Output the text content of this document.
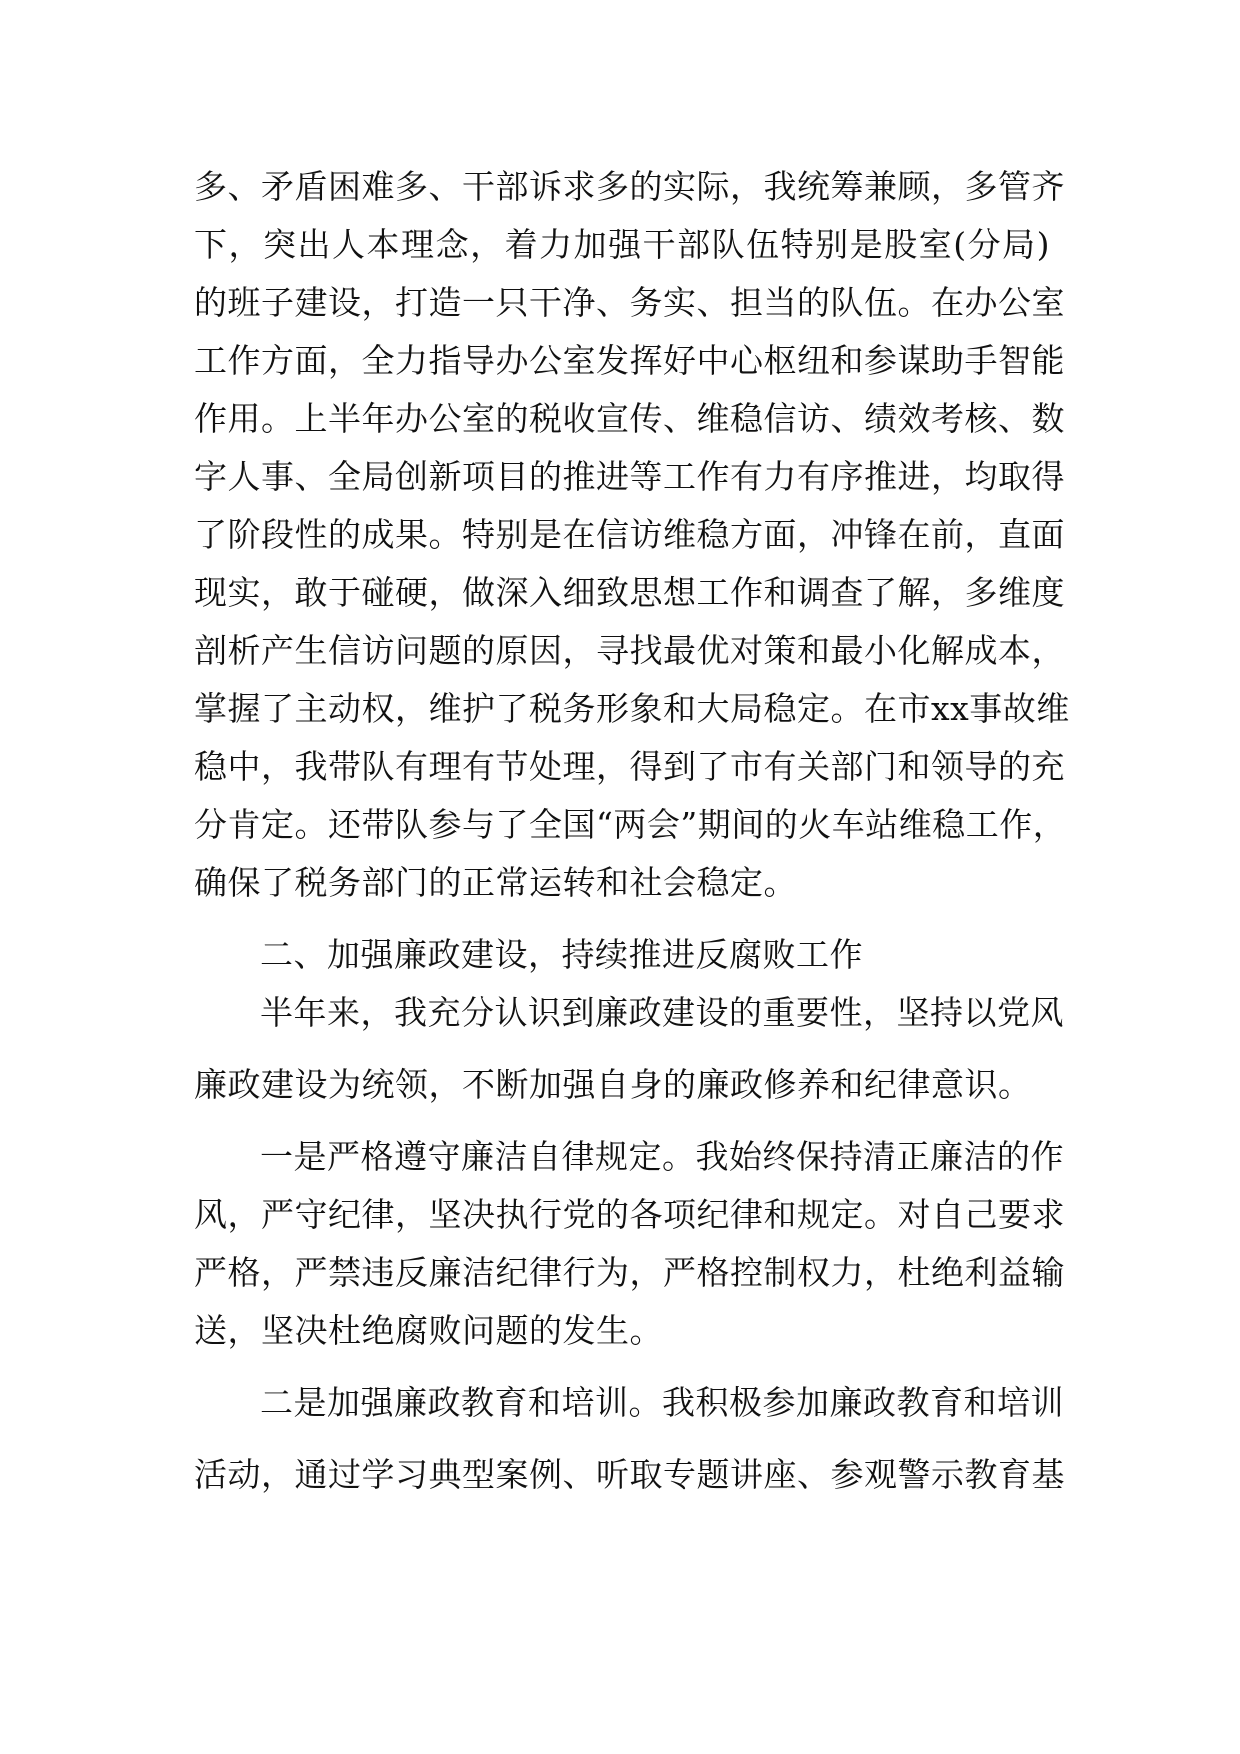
多、矛盾困难多、干部诉求多的实际，我统筹兼顾，多管齐
下，突出人本理念，着力加强干部队伍特别是股室(分局)
的班子建设，打造一只干净、务实、担当的队伍。在办公室
工作方面，全力指导办公室发挥好中心枢纽和参谋助手智能
作用。上半年办公室的税收宣传、维稳信访、绩效考核、数
字人事、全局创新项目的推进等工作有力有序推进，均取得
了阶段性的成果。特别是在信访维稳方面，冲锋在前，直面
现实，敢于碰硬，做深入细致思想工作和调查了解，多维度
剖析产生信访问题的原因，寻找最优对策和最小化解成本，
掌握了主动权，维护了税务形象和大局稳定。在市xx事故维
稳中，我带队有理有节处理，得到了市有关部门和领导的充
分肯定。还带队参与了全国“两会”期间的火车站维稳工作，
确保了税务部门的正常运转和社会稳定。
二、加强廉政建设，持续推进反腐败工作
半年来，我充分认识到廉政建设的重要性，坚持以党风
廉政建设为统领，不断加强自身的廉政修养和纪律意识。
一是严格遵守廉洁自律规定。我始终保持清正廉洁的作
风，严守纪律，坚决执行党的各项纪律和规定。对自己要求
严格，严禁违反廉洁纪律行为，严格控制权力，杜绝利益输
送，坚决杜绝腐败问题的发生。
二是加强廉政教育和培训。我积极参加廉政教育和培训
活动，通过学习典型案例、听取专题讲座、参观警示教育基
